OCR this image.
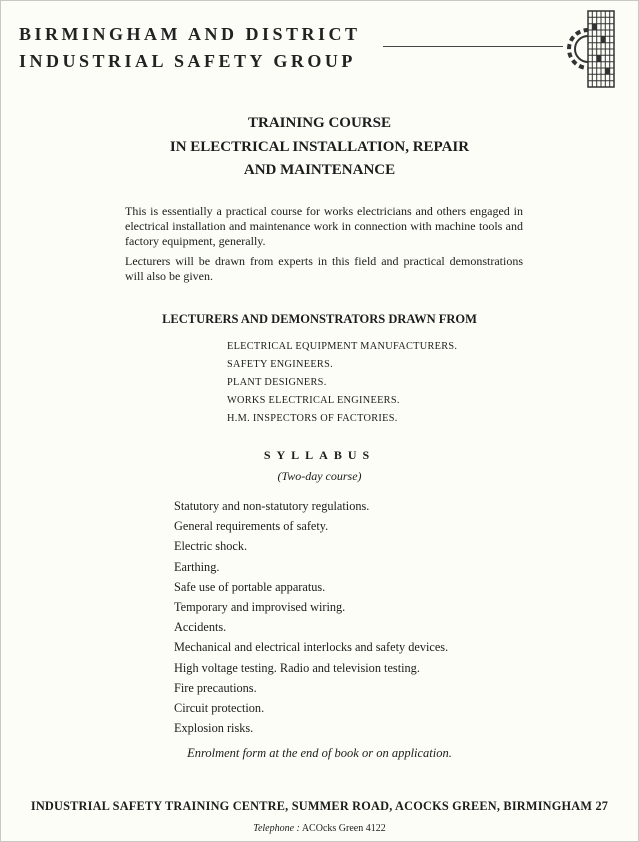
BIRMINGHAM AND DISTRICT
INDUSTRIAL SAFETY GROUP
TRAINING COURSE
IN ELECTRICAL INSTALLATION, REPAIR
AND MAINTENANCE

This is essentially a practical course for works electricians and others engaged in electrical installation and maintenance work in connection with machine tools and factory equipment, generally.

Lecturers will be drawn from experts in this field and practical demonstrations will also be given.

LECTURERS AND DEMONSTRATORS DRAWN FROM
ELECTRICAL EQUIPMENT MANUFACTURERS.
SAFETY ENGINEERS.
PLANT DESIGNERS.
WORKS ELECTRICAL ENGINEERS.
H.M. INSPECTORS OF FACTORIES.
SYLLABUS
(Two-day course)
Statutory and non-statutory regulations.
General requirements of safety.
Electric shock.
Earthing.
Safe use of portable apparatus.
Temporary and improvised wiring.
Accidents.
Mechanical and electrical interlocks and safety devices.
High voltage testing. Radio and television testing.
Fire precautions.
Circuit protection.
Explosion risks.
Enrolment form at the end of book or on application.
INDUSTRIAL SAFETY TRAINING CENTRE, SUMMER ROAD, ACOCKS GREEN, BIRMINGHAM 27
Telephone : ACOcks Green 4122
